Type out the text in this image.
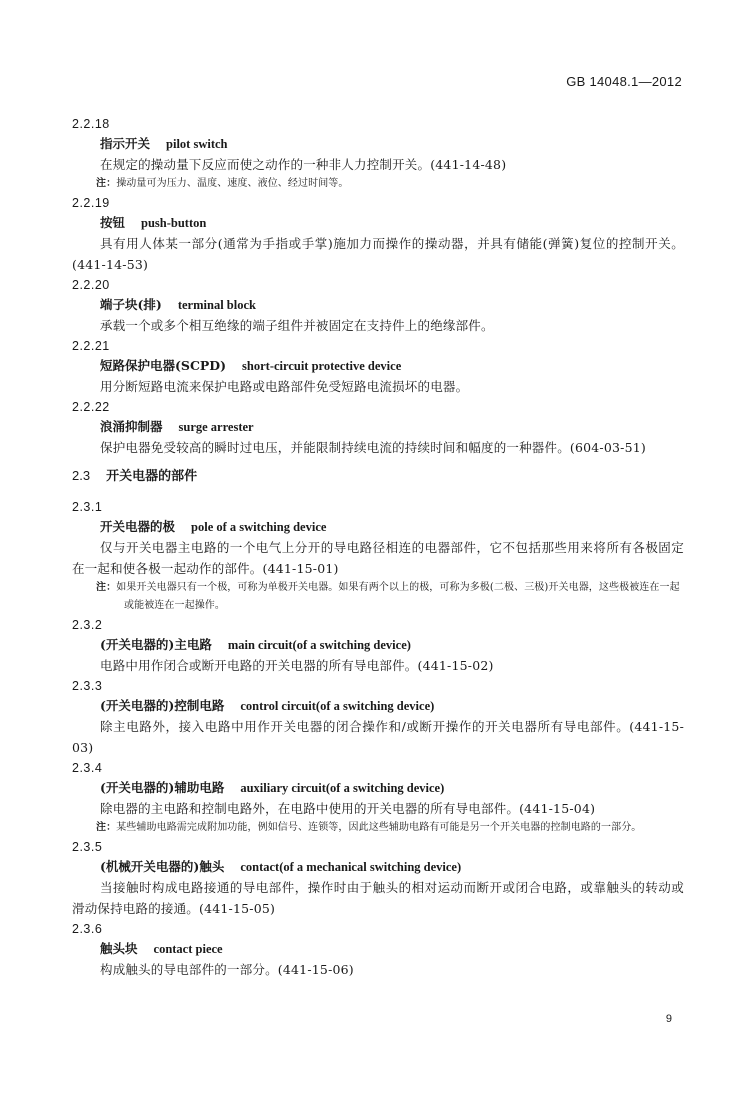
GB 14048.1—2012
2.2.18
指示开关 pilot switch
在规定的操动量下反应而使之动作的一种非人力控制开关。(441-14-48)
注：操动量可为压力、温度、速度、液位、经过时间等。
2.2.19
按钮 push-button
具有用人体某一部分(通常为手指或手掌)施加力而操作的操动器，并具有储能(弹簧)复位的控制开关。(441-14-53)
2.2.20
端子块(排) terminal block
承载一个或多个相互绝缘的端子组件并被固定在支持件上的绝缘部件。
2.2.21
短路保护电器(SCPD) short-circuit protective device
用分断短路电流来保护电路或电路部件免受短路电流损坏的电器。
2.2.22
浪涌抑制器 surge arrester
保护电器免受较高的瞬时过电压，并能限制持续电流的持续时间和幅度的一种器件。(604-03-51)
2.3 开关电器的部件
2.3.1
开关电器的极 pole of a switching device
仅与开关电器主电路的一个电气上分开的导电路径相连的电器部件，它不包括那些用来将所有各极固定在一起和使各极一起动作的部件。(441-15-01)
注：如果开关电器只有一个极，可称为单极开关电器。如果有两个以上的极，可称为多极(二极、三极)开关电器，这些极被连在一起或能被连在一起操作。
2.3.2
(开关电器的)主电路 main circuit(of a switching device)
电路中用作闭合或断开电路的开关电器的所有导电部件。(441-15-02)
2.3.3
(开关电器的)控制电路 control circuit(of a switching device)
除主电路外，接入电路中用作开关电器的闭合操作和/或断开操作的开关电器所有导电部件。(441-15-03)
2.3.4
(开关电器的)辅助电路 auxiliary circuit(of a switching device)
除电器的主电路和控制电路外，在电路中使用的开关电器的所有导电部件。(441-15-04)
注：某些辅助电路需完成附加功能，例如信号、连锁等，因此这些辅助电路有可能是另一个开关电器的控制电路的一部分。
2.3.5
(机械开关电器的)触头 contact(of a mechanical switching device)
当接触时构成电路接通的导电部件，操作时由于触头的相对运动而断开或闭合电路，或靠触头的转动或滑动保持电路的接通。(441-15-05)
2.3.6
触头块 contact piece
构成触头的导电部件的一部分。(441-15-06)
9
